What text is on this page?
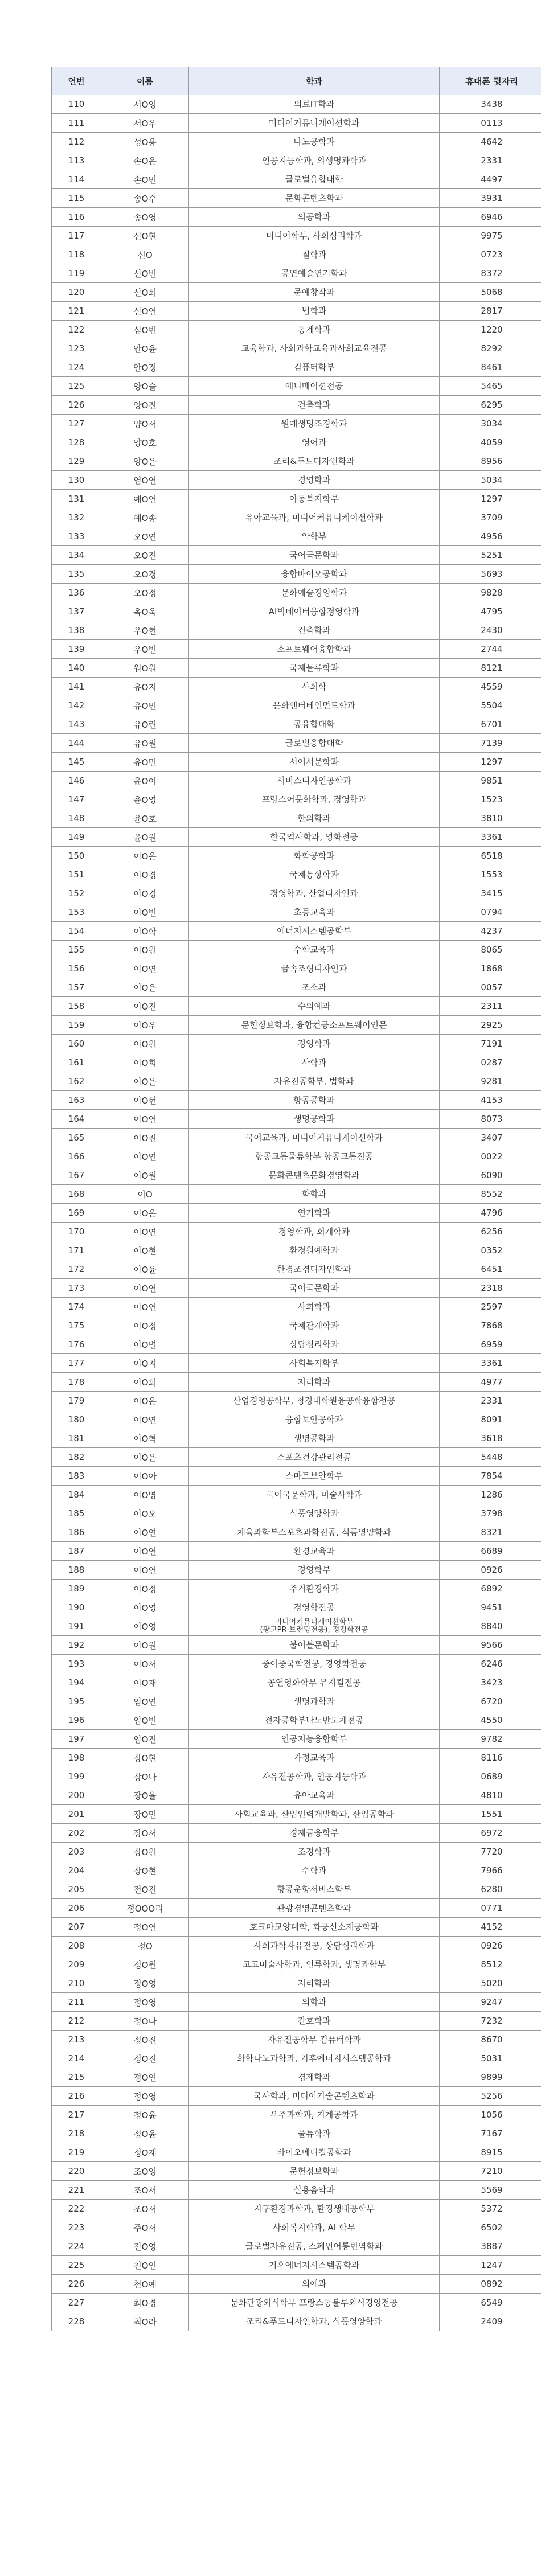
연번	이름	학과	휴대폰 뒷자리
110	서O영	의료IT학과	3438
111	서O우	미디어커뮤니케이션학과	0113
112	성O용	나노공학과	4642
113	손O은	인공지능학과, 의생명과학과	2331
114	손O민	글로벌융합대학	4497
115	송O수	문화콘텐츠학과	3931
116	송O영	의공학과	6946
117	신O현	미디어학부, 사회심리학과	9975
118	신O	철학과	0723
119	신O빈	공연예술연기학과	8372
120	신O희	문예창작과	5068
121	신O연	법학과	2817
122	심O빈	통계학과	1220
123	안O윤	교육학과, 사회과학교육과사회교육전공	8292
124	안O정	컴퓨터학부	8461
125	양O슬	애니메이션전공	5465
126	양O진	건축학과	6295
127	양O서	원예생명조경학과	3034
128	양O호	영어과	4059
129	양O은	조리&푸드디자인학과	8956
130	염O연	경영학과	5034
131	예O연	아동복지학부	1297
132	예O송	유아교육과, 미디어커뮤니케이션학과	3709
133	오O연	약학부	4956
134	오O진	국어국문학과	5251
135	오O경	융합바이오공학과	5693
136	오O정	문화예술경영학과	9828
137	옥O욱	AI빅데이터융합경영학과	4795
138	우O현	건축학과	2430
139	우O빈	소프트웨어융합학과	2744
140	원O원	국제물류학과	8121
141	유O지	사회학	4559
142	유O민	문화엔터테인먼트학과	5504
143	유O린	공융합대학	6701
144	유O원	글로벌융합대학	7139
145	유O민	서어서문학과	1297
146	윤O이	서비스디자인공학과	9851
147	윤O영	프랑스어문화학과, 경영학과	1523
148	윤O호	한의학과	3810
149	윤O원	한국역사학과, 영화전공	3361
150	이O은	화학공학과	6518
151	이O경	국제통상학과	1553
152	이O경	경영학과, 산업디자인과	3415
153	이O빈	초등교육과	0794
154	이O학	에너지시스템공학부	4237
155	이O원	수학교육과	8065
156	이O연	금속조형디자인과	1868
157	이O은	조소과	0057
158	이O진	수의예과	2311
159	이O우	문헌정보학과, 융합컨공소프트웨어인문	2925
160	이O원	경영학과	7191
161	이O희	사학과	0287
162	이O은	자유전공학부, 법학과	9281
163	이O현	항공공학과	4153
164	이O연	생명공학과	8073
165	이O진	국어교육과, 미디어커뮤니케이션학과	3407
166	이O연	항공교통물류학부 항공교통전공	0022
167	이O원	문화콘텐츠문화경영학과	6090
168	이O	화학과	8552
169	이O은	연기학과	4796
170	이O연	경영학과, 회계학과	6256
171	이O현	환경원예학과	0352
172	이O윤	환경조경디자인학과	6451
173	이O연	국어국문학과	2318
174	이O연	사회학과	2597
175	이O정	국제관계학과	7868
176	이O별	상담심리학과	6959
177	이O지	사회복지학부	3361
178	이O희	지리학과	4977
179	이O은	산업경영공학부, 청경대학원융공학융합전공	2331
180	이O연	융합보안공학과	8091
181	이O혁	생명공학과	3618
182	이O은	스포츠건강관리전공	5448
183	이O아	스마트보안학부	7854
184	이O영	국어국문학과, 미술사학과	1286
185	이O오	식품영양학과	3798
186	이O연	체육과학부스포츠과학전공, 식품영양학과	8321
187	이O연	환경교육과	6689
188	이O연	경영학부	0926
189	이O정	주거환경학과	6892
190	이O영	경영학전공	9451
191	이O영	미디어커뮤니케이션학부
(광고PR·브랜딩전공), 정경학전공	8840
192	이O원	불어불문학과	9566
193	이O서	중어중국학전공, 경영학전공	6246
194	이O재	공연영화학부 뮤지컬전공	3423
195	임O연	생명과학과	6720
196	임O빈	전자공학부나노반도체전공	4550
197	임O진	인공지능융합학부	9782
198	장O현	가정교육과	8116
199	장O나	자유전공학과, 인공지능학과	0689
200	장O율	유아교육과	4810
201	장O민	사회교육과, 산업인력개발학과, 산업공학과	1551
202	장O서	경제금융학부	6972
203	장O원	조경학과	7720
204	장O현	수학과	7966
205	전O진	항공운항서비스학부	6280
206	정OOO리	관광경영콘텐츠학과	0771
207	정O연	호크마교양대학, 화공신소재공학과	4152
208	정O	사회과학자유전공, 상담심리학과	0926
209	정O원	고고미술사학과, 인류학과, 생명과학부	8512
210	정O영	지리학과	5020
211	정O영	의학과	9247
212	정O나	간호학과	7232
213	정O진	자유전공학부 컴퓨터학과	8670
214	정O진	화학나노과학과, 기후에너지시스템공학과	5031
215	정O연	경제학과	9899
216	정O영	국사학과, 미디어기술콘텐츠학과	5256
217	정O윤	우주과학과, 기계공학과	1056
218	정O윤	물류학과	7167
219	정O재	바이오메디컬공학과	8915
220	조O영	문헌정보학과	7210
221	조O서	실용음악과	5569
222	조O서	지구환경과학과, 환경생태공학부	5372
223	주O서	사회복지학과, AI 학부	6502
224	진O영	글로벌자유전공, 스페인어통번역학과	3887
225	천O인	기후에너지시스템공학과	1247
226	천O예	의예과	0892
227	최O경	문화관광외식학부 프랑스통불루외식경영전공	6549
228	최O라	조리&푸드디자인학과, 식품영양학과	2409
